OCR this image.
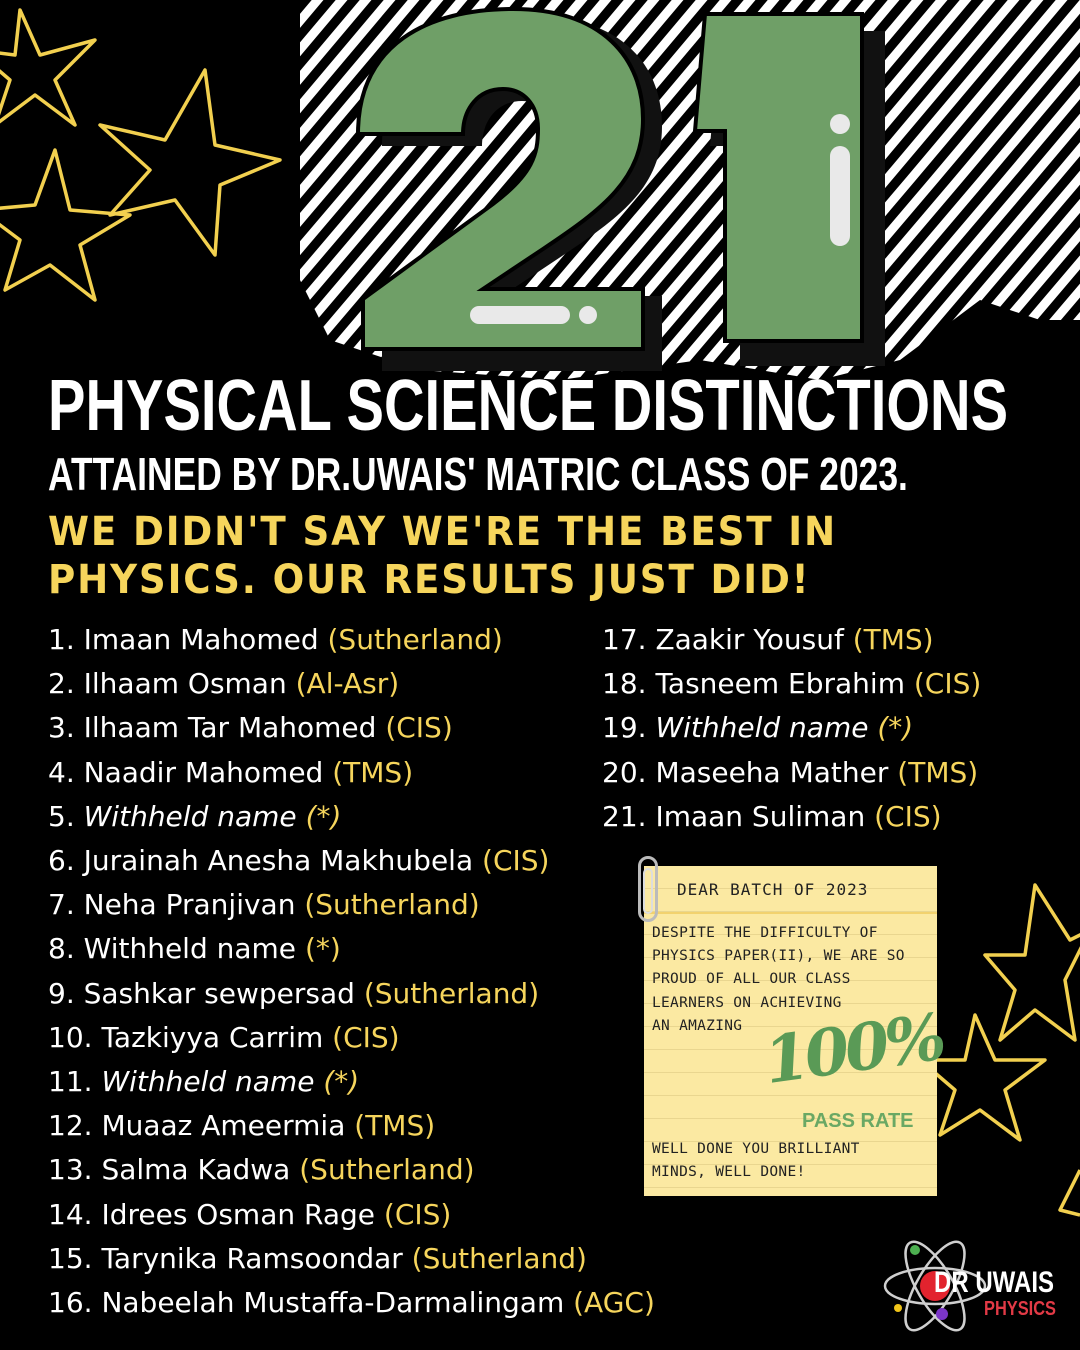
PHYSICAL SCIENCE DISTINCTIONS
ATTAINED BY DR.UWAIS' MATRIC CLASS OF 2023.
WE DIDN'T SAY WE'RE THE BEST IN
PHYSICS. OUR RESULTS JUST DID!
1. Imaan Mahomed (Sutherland)
2. Ilhaam Osman (Al-Asr)
3. Ilhaam Tar Mahomed (CIS)
4. Naadir Mahomed (TMS)
5. Withheld name (*)
6. Jurainah Anesha Makhubela (CIS)
7. Neha Pranjivan (Sutherland)
8. Withheld name (*)
9. Sashkar sewpersad (Sutherland)
10. Tazkiyya Carrim (CIS)
11. Withheld name (*)
12. Muaaz Ameermia (TMS)
13. Salma Kadwa (Sutherland)
14. Idrees Osman Rage (CIS)
15. Tarynika Ramsoondar (Sutherland)
16. Nabeelah Mustaffa-Darmalingam (AGC)
17. Zaakir Yousuf (TMS)
18. Tasneem Ebrahim (CIS)
19. Withheld name (*)
20. Maseeha Mather (TMS)
21. Imaan Suliman (CIS)
DEAR BATCH OF 2023
DESPITE THE DIFFICULTY OF
PHYSICS PAPER(II), WE ARE SO
PROUD OF ALL OUR CLASS
LEARNERS ON ACHIEVING
AN AMAZING 100%
PASS RATE
WELL DONE YOU BRILLIANT
MINDS, WELL DONE!
DR UWAIS
PHYSICS
